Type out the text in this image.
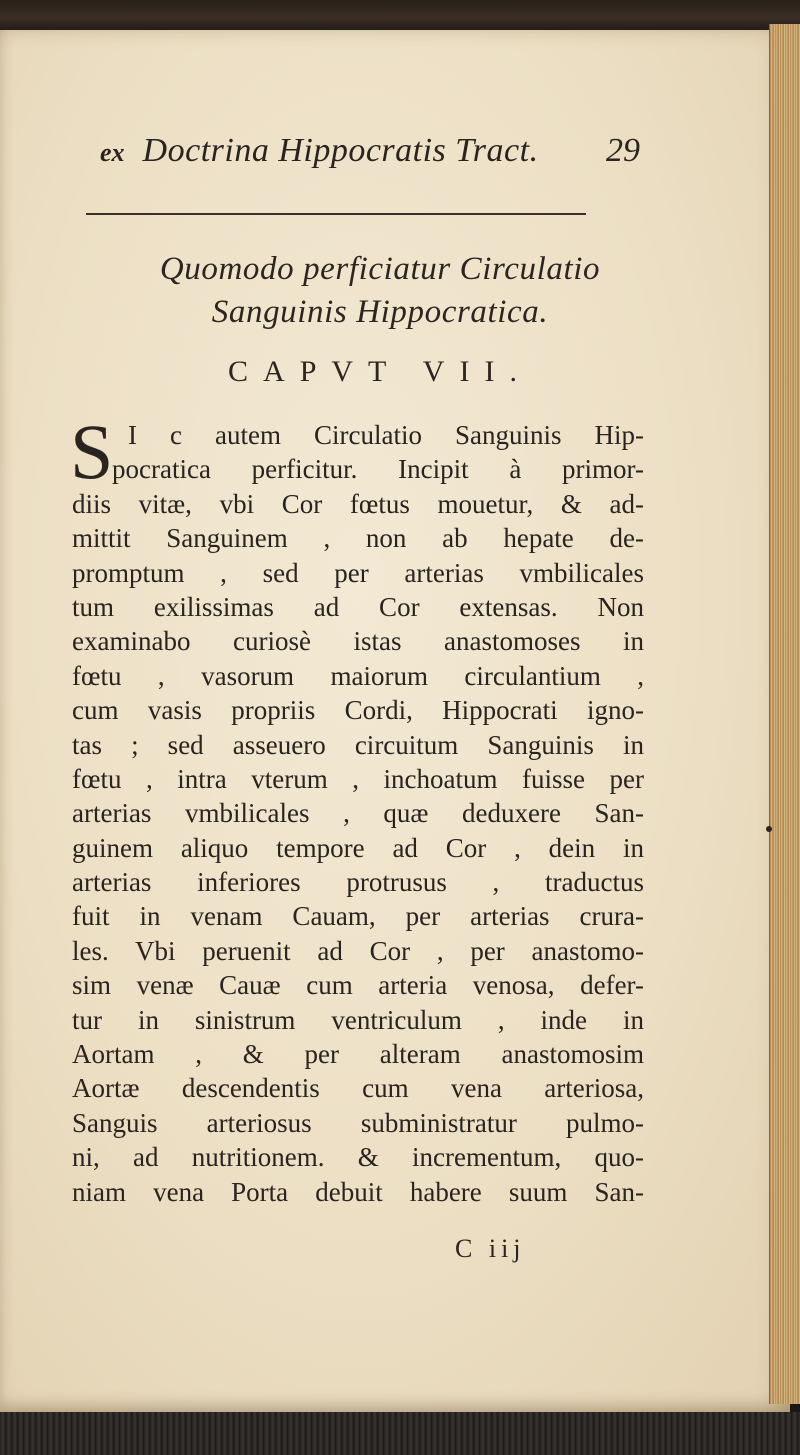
ex Doctrina Hippocratis Tract. 29
Quomodo perficiatur Circulatio
Sanguinis Hippocratica.
CAPVT VII.
S I c autem Circulatio Sanguinis Hip-
pocratica perficitur. Incipit à primor-
diis vitæ, vbi Cor fœtus mouetur, & ad-
mittit Sanguinem , non ab hepate de-
promptum , sed per arterias vmbilicales
tum exilissimas ad Cor extensas. Non
examinabo curiosè istas anastomoses in
fœtu , vasorum maiorum circulantium ,
cum vasis propriis Cordi, Hippocrati igno-
tas ; sed asseuero circuitum Sanguinis in
fœtu , intra vterum , inchoatum fuisse per
arterias vmbilicales , quæ deduxere San-
guinem aliquo tempore ad Cor , dein in
arterias inferiores protrusus , traductus
fuit in venam Cauam, per arterias crura-
les. Vbi peruenit ad Cor , per anastomo-
sim venæ Cauæ cum arteria venosa, defer-
tur in sinistrum ventriculum , inde in
Aortam , & per alteram anastomosim
Aortæ descendentis cum vena arteriosa,
Sanguis arteriosus subministratur pulmo-
ni, ad nutritionem. & incrementum, quo-
niam vena Porta debuit habere suum San-
C iij
